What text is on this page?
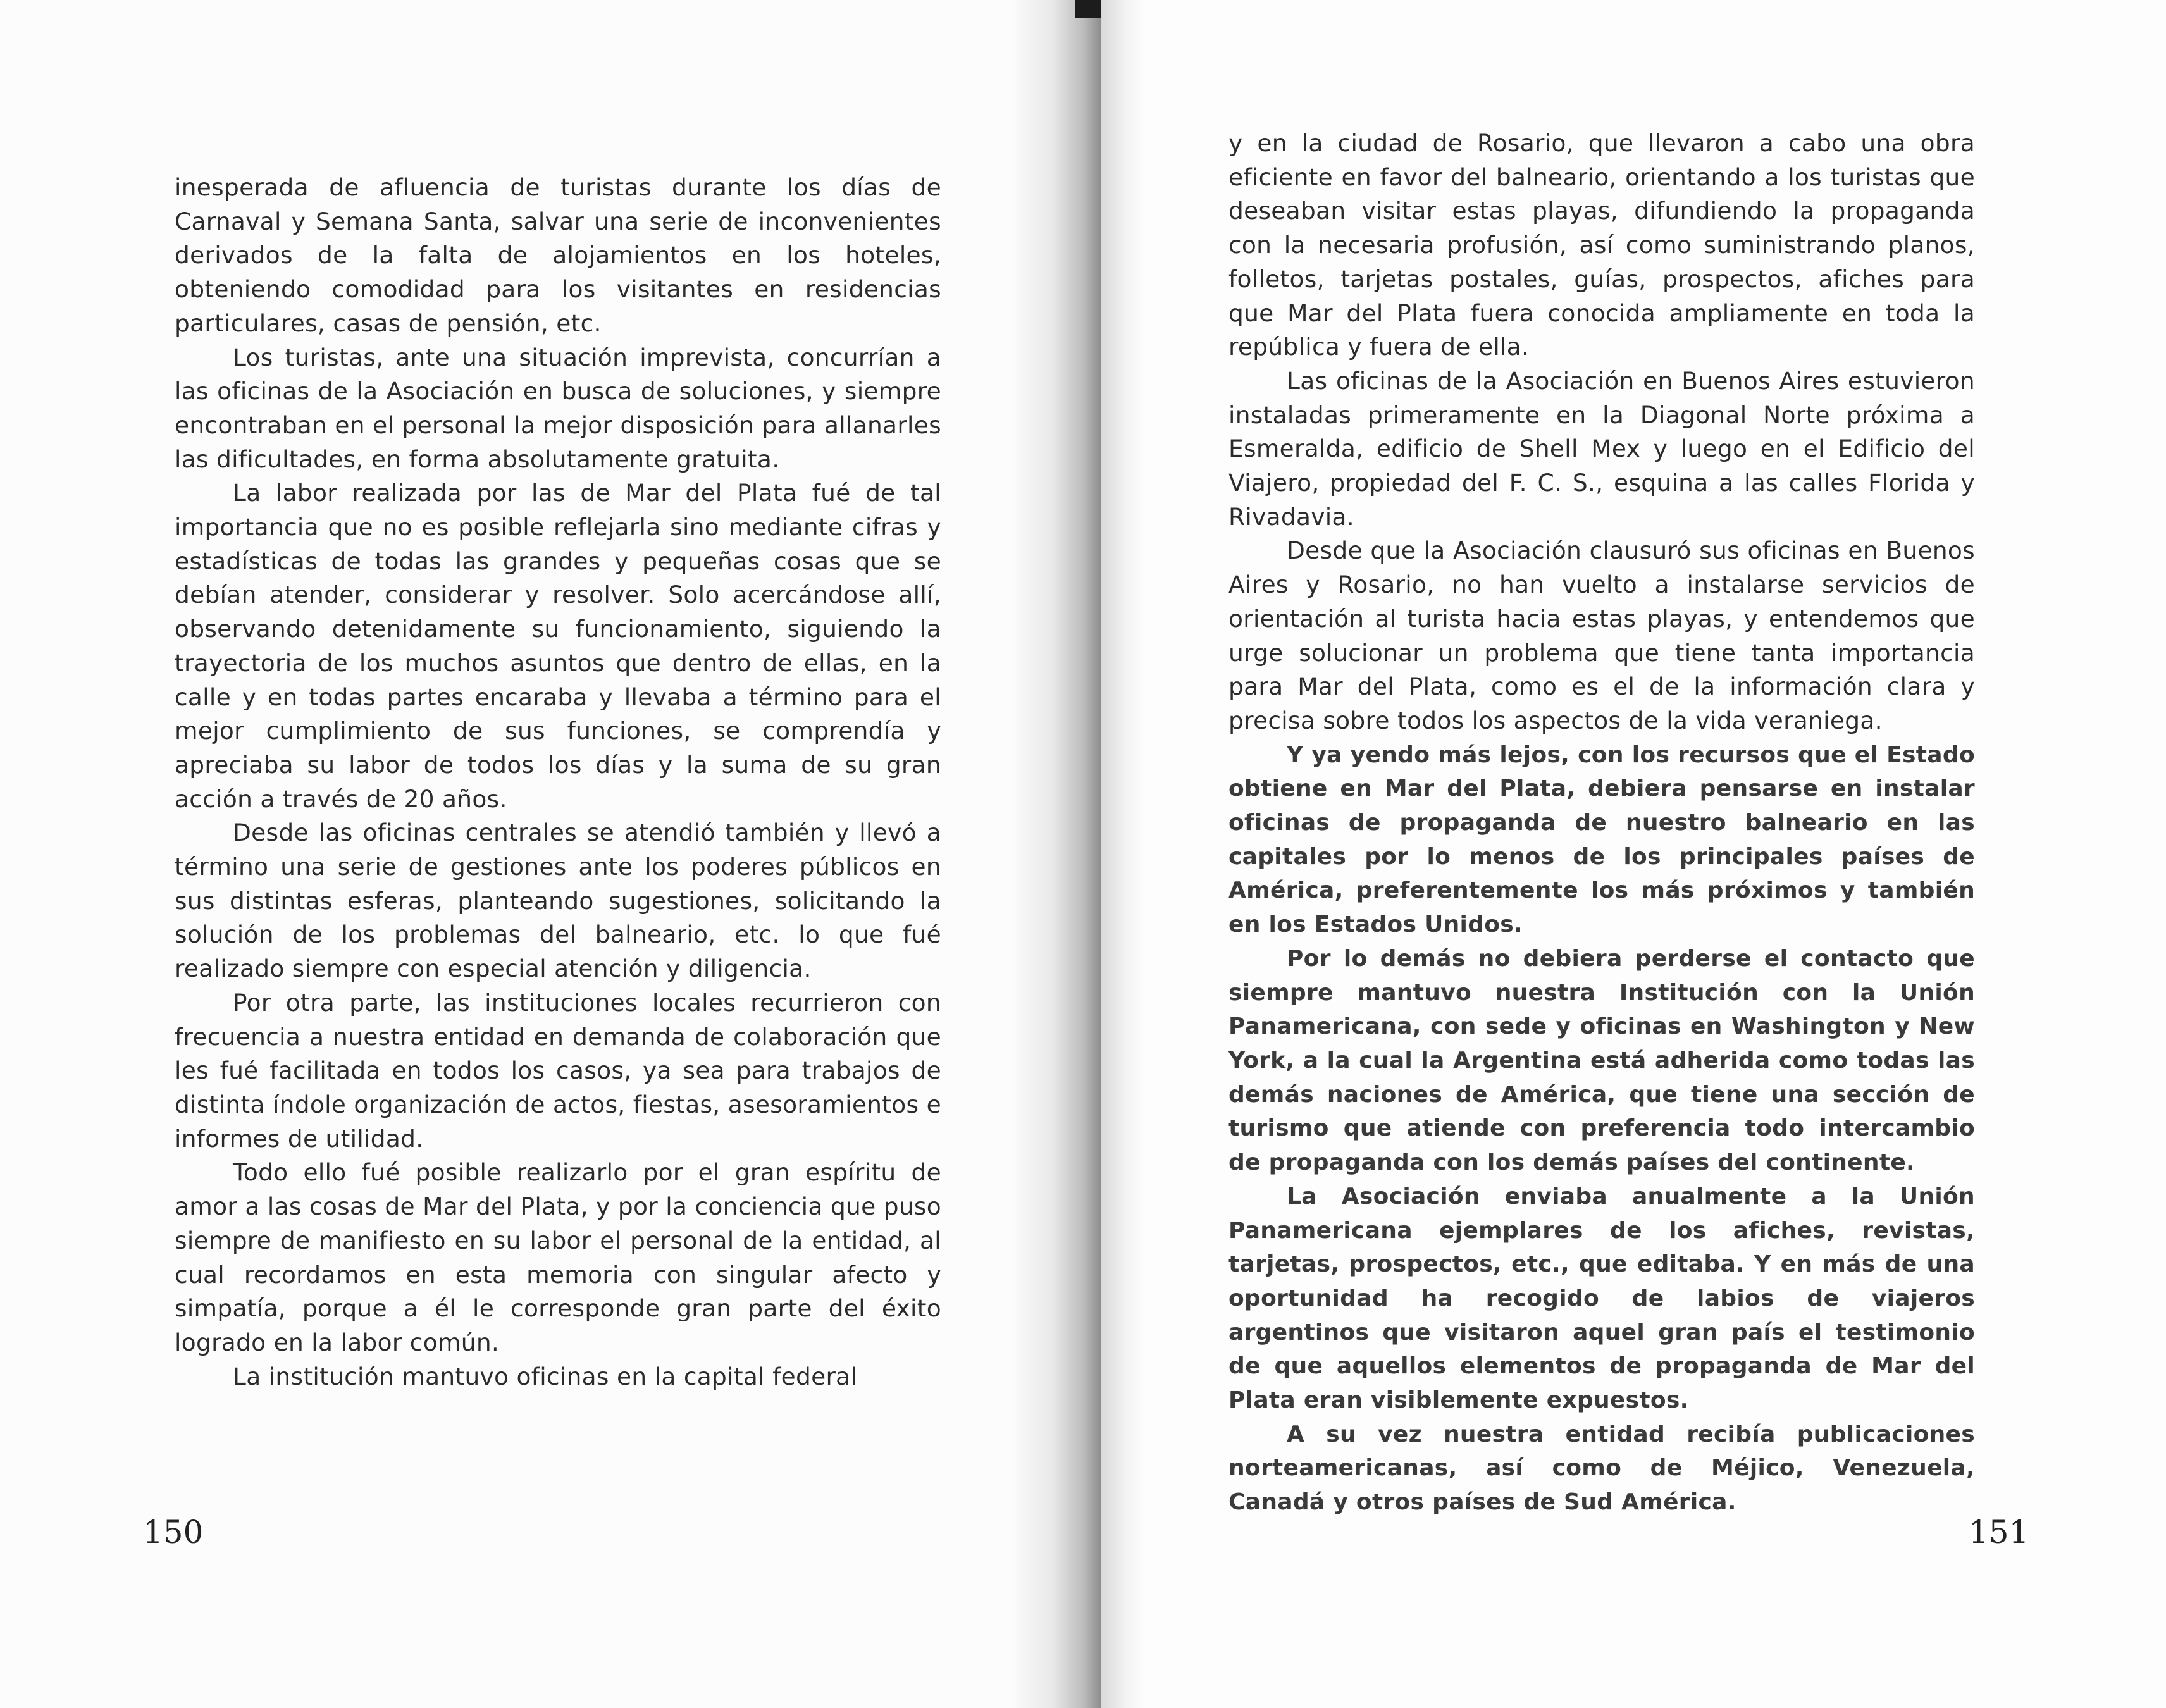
inesperada de afluencia de turistas durante los días de Carnaval y Semana Santa, salvar una serie de inconvenientes derivados de la falta de alojamientos en los hoteles, obteniendo comodidad para los visitantes en residencias particulares, casas de pensión, etc.

Los turistas, ante una situación imprevista, concurrían a las oficinas de la Asociación en busca de soluciones, y siempre encontraban en el personal la mejor disposición para allanarles las dificultades, en forma absolutamente gratuita.

La labor realizada por las de Mar del Plata fué de tal importancia que no es posible reflejarla sino mediante cifras y estadísticas de todas las grandes y pequeñas cosas que se debían atender, considerar y resolver. Solo acercándose allí, observando detenidamente su funcionamiento, siguiendo la trayectoria de los muchos asuntos que dentro de ellas, en la calle y en todas partes encaraba y llevaba a término para el mejor cumplimiento de sus funciones, se comprendía y apreciaba su labor de todos los días y la suma de su gran acción a través de 20 años.

Desde las oficinas centrales se atendió también y llevó a término una serie de gestiones ante los poderes públicos en sus distintas esferas, planteando sugestiones, solicitando la solución de los problemas del balneario, etc. lo que fué realizado siempre con especial atención y diligencia.

Por otra parte, las instituciones locales recurrieron con frecuencia a nuestra entidad en demanda de colaboración que les fué facilitada en todos los casos, ya sea para trabajos de distinta índole organización de actos, fiestas, asesoramientos e informes de utilidad.

Todo ello fué posible realizarlo por el gran espíritu de amor a las cosas de Mar del Plata, y por la conciencia que puso siempre de manifiesto en su labor el personal de la entidad, al cual recordamos en esta memoria con singular afecto y simpatía, porque a él le corresponde gran parte del éxito logrado en la labor común.

La institución mantuvo oficinas en la capital federal

150

y en la ciudad de Rosario, que llevaron a cabo una obra eficiente en favor del balneario, orientando a los turistas que deseaban visitar estas playas, difundiendo la propaganda con la necesaria profusión, así como suministrando planos, folletos, tarjetas postales, guías, prospectos, afiches para que Mar del Plata fuera conocida ampliamente en toda la república y fuera de ella.

Las oficinas de la Asociación en Buenos Aires estuvieron instaladas primeramente en la Diagonal Norte próxima a Esmeralda, edificio de Shell Mex y luego en el Edificio del Viajero, propiedad del F. C. S., esquina a las calles Florida y Rivadavia.

Desde que la Asociación clausuró sus oficinas en Buenos Aires y Rosario, no han vuelto a instalarse servicios de orientación al turista hacia estas playas, y entendemos que urge solucionar un problema que tiene tanta importancia para Mar del Plata, como es el de la información clara y precisa sobre todos los aspectos de la vida veraniega.

Y ya yendo más lejos, con los recursos que el Estado obtiene en Mar del Plata, debiera pensarse en instalar oficinas de propaganda de nuestro balneario en las capitales por lo menos de los principales países de América, preferentemente los más próximos y también en los Estados Unidos.

Por lo demás no debiera perderse el contacto que siempre mantuvo nuestra Institución con la Unión Panamericana, con sede y oficinas en Washington y New York, a la cual la Argentina está adherida como todas las demás naciones de América, que tiene una sección de turismo que atiende con preferencia todo intercambio de propaganda con los demás países del continente.

La Asociación enviaba anualmente a la Unión Panamericana ejemplares de los afiches, revistas, tarjetas, prospectos, etc., que editaba. Y en más de una oportunidad ha recogido de labios de viajeros argentinos que visitaron aquel gran país el testimonio de que aquellos elementos de propaganda de Mar del Plata eran visiblemente expuestos.

A su vez nuestra entidad recibía publicaciones norteamericanas, así como de Méjico, Venezuela, Canadá y otros países de Sud América.

151
